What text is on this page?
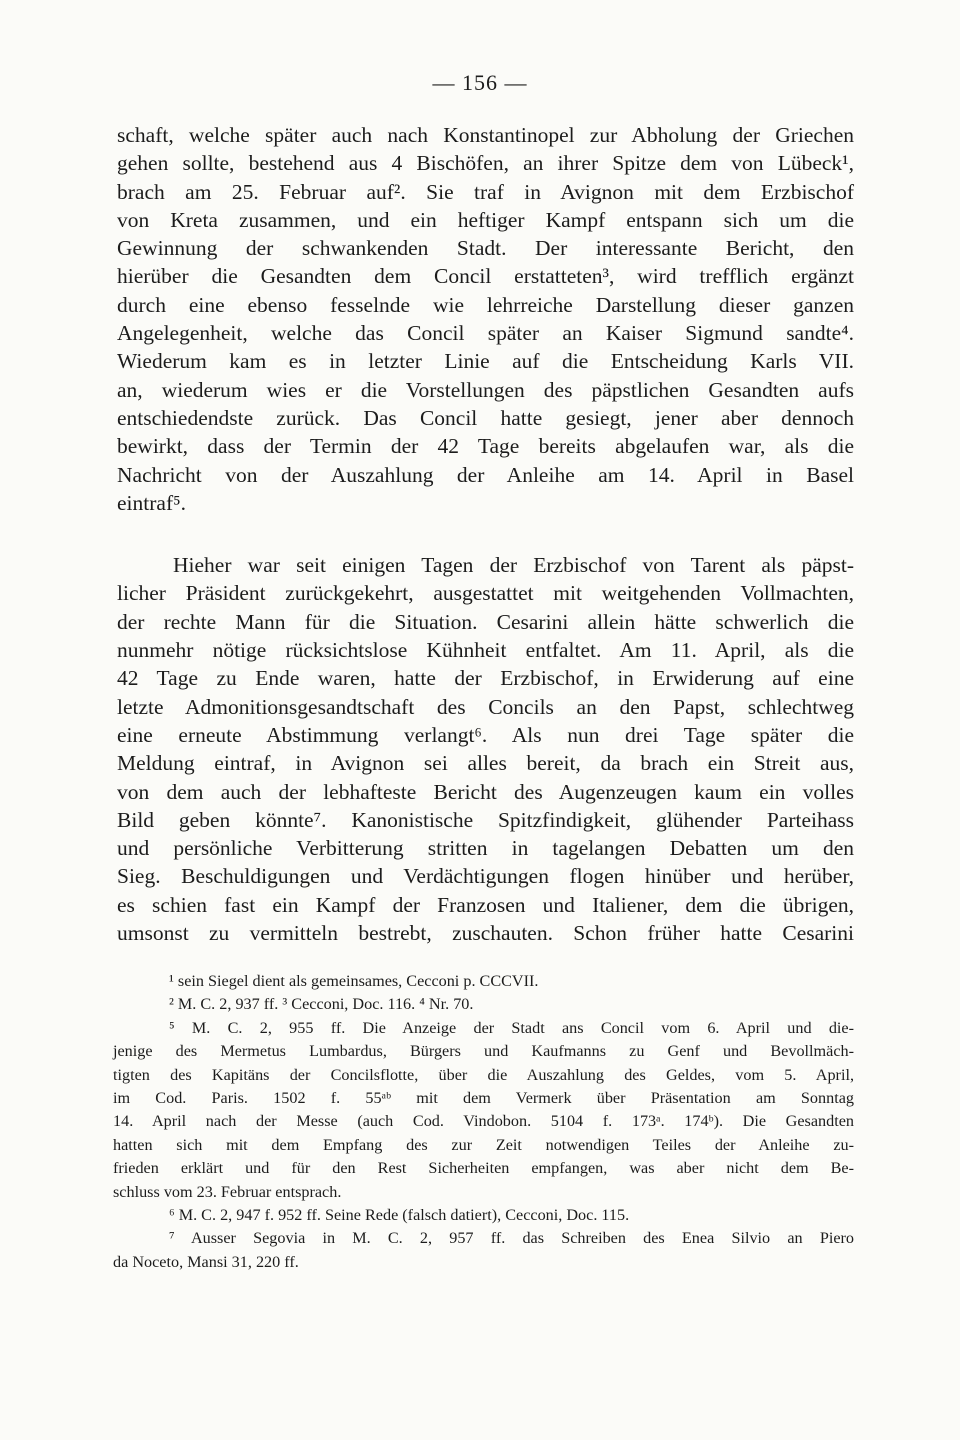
— 156 —

schaft, welche später auch nach Konstantinopel zur Abholung der Griechen
gehen sollte, bestehend aus 4 Bischöfen, an ihrer Spitze dem von Lübeck¹,
brach am 25. Februar auf². Sie traf in Avignon mit dem Erzbischof
von Kreta zusammen, und ein heftiger Kampf entspann sich um die
Gewinnung der schwankenden Stadt. Der interessante Bericht, den
hierüber die Gesandten dem Concil erstatteten³, wird trefflich ergänzt
durch eine ebenso fesselnde wie lehrreiche Darstellung dieser ganzen
Angelegenheit, welche das Concil später an Kaiser Sigmund sandte⁴.
Wiederum kam es in letzter Linie auf die Entscheidung Karls VII.
an, wiederum wies er die Vorstellungen des päpstlichen Gesandten aufs
entschiedendste zurück. Das Concil hatte gesiegt, jener aber dennoch
bewirkt, dass der Termin der 42 Tage bereits abgelaufen war, als die
Nachricht von der Auszahlung der Anleihe am 14. April in Basel
eintraf⁵.

Hieher war seit einigen Tagen der Erzbischof von Tarent als päpst-
licher Präsident zurückgekehrt, ausgestattet mit weitgehenden Vollmachten,
der rechte Mann für die Situation. Cesarini allein hätte schwerlich die
nunmehr nötige rücksichtslose Kühnheit entfaltet. Am 11. April, als die
42 Tage zu Ende waren, hatte der Erzbischof, in Erwiderung auf eine
letzte Admonitionsgesandtschaft des Concils an den Papst, schlechtweg
eine erneute Abstimmung verlangt⁶. Als nun drei Tage später die
Meldung eintraf, in Avignon sei alles bereit, da brach ein Streit aus,
von dem auch der lebhafteste Bericht des Augenzeugen kaum ein volles
Bild geben könnte⁷. Kanonistische Spitzfindigkeit, glühender Parteihass
und persönliche Verbitterung stritten in tagelangen Debatten um den
Sieg. Beschuldigungen und Verdächtigungen flogen hinüber und herüber,
es schien fast ein Kampf der Franzosen und Italiener, dem die übrigen,
umsonst zu vermitteln bestrebt, zuschauten. Schon früher hatte Cesarini

¹ sein Siegel dient als gemeinsames, Cecconi p. CCCVII.
² M. C. 2, 937 ff. ³ Cecconi, Doc. 116. ⁴ Nr. 70.
⁵ M. C. 2, 955 ff. Die Anzeige der Stadt ans Concil vom 6. April und die-
jenige des Mermetus Lumbardus, Bürgers und Kaufmanns zu Genf und Bevollmäch-
tigten des Kapitäns der Concilsflotte, über die Auszahlung des Geldes, vom 5. April,
im Cod. Paris. 1502 f. 55ᵃᵇ mit dem Vermerk über Präsentation am Sonntag
14. April nach der Messe (auch Cod. Vindobon. 5104 f. 173ᵃ. 174ᵇ). Die Gesandten
hatten sich mit dem Empfang des zur Zeit notwendigen Teiles der Anleihe zu-
frieden erklärt und für den Rest Sicherheiten empfangen, was aber nicht dem Be-
schluss vom 23. Februar entsprach.
⁶ M. C. 2, 947 f. 952 ff. Seine Rede (falsch datiert), Cecconi, Doc. 115.
⁷ Ausser Segovia in M. C. 2, 957 ff. das Schreiben des Enea Silvio an Piero
da Noceto, Mansi 31, 220 ff.
